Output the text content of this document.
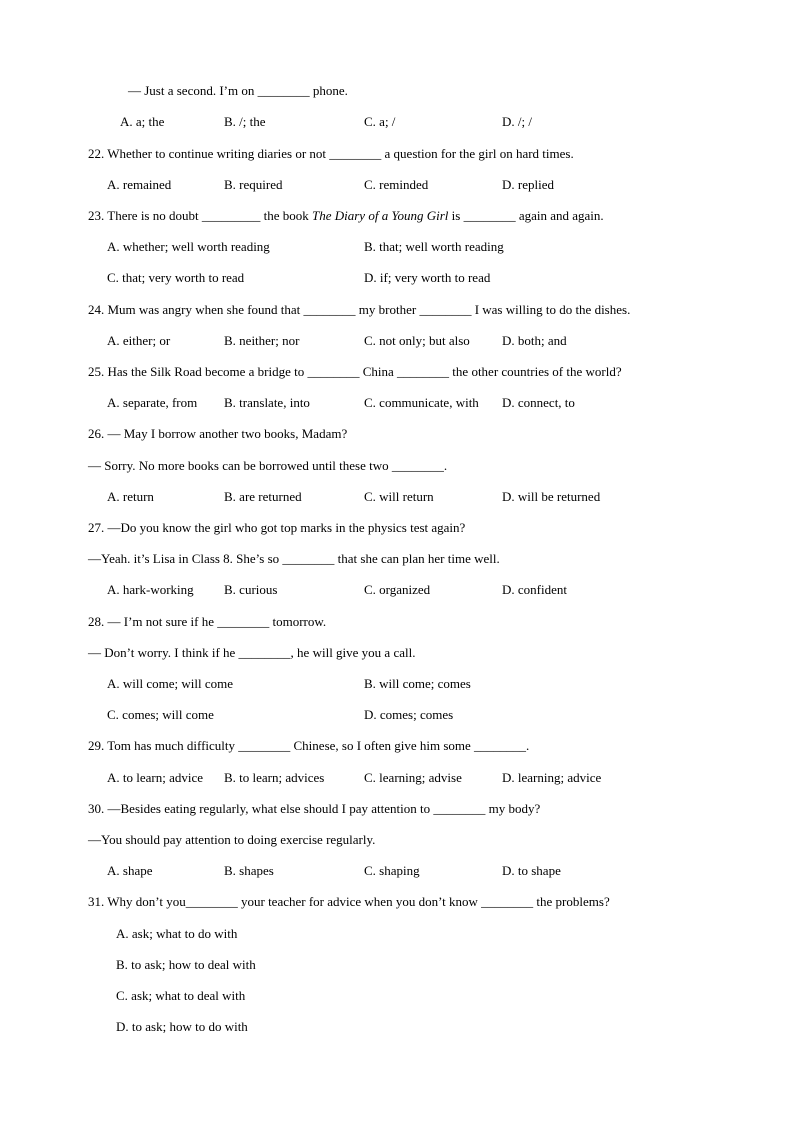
— Just a second. I’m on ________ phone.
A. a; the	B. /; the	C. a; /	D. /; /
22. Whether to continue writing diaries or not ________ a question for the girl on hard times.
A. remained	B. required	C. reminded	D. replied
23. There is no doubt _________ the book The Diary of a Young Girl is ________ again and again.
A. whether; well worth reading	B. that; well worth reading
C. that; very worth to read	D. if; very worth to read
24. Mum was angry when she found that ________ my brother ________ I was willing to do the dishes.
A. either; or	B. neither; nor	C. not only; but also D. both; and
25. Has the Silk Road become a bridge to ________ China ________ the other countries of the world?
A. separate, from B. translate, into	C. communicate, with D. connect, to
26. — May I borrow another two books, Madam?
— Sorry. No more books can be borrowed until these two ________.
A. return	B. are returned	C. will return	D. will be returned
27. —Do you know the girl who got top marks in the physics test again?
—Yeah. it’s Lisa in Class 8. She’s so ________ that she can plan her time well.
A. hark-working B. curious	C. organized	D. confident
28. — I’m not sure if he ________ tomorrow.
— Don’t worry. I think if he ________, he will give you a call.
A. will come; will come	B. will come; comes
C. comes; will come	D. comes; comes
29. Tom has much difficulty ________ Chinese, so I often give him some ________.
A. to learn; advice B. to learn; advices	C. learning; advise	D. learning; advice
30. —Besides eating regularly, what else should I pay attention to ________ my body?
—You should pay attention to doing exercise regularly.
A. shape	B. shapes	C. shaping	D. to shape
31. Why don’t you________ your teacher for advice when you don’t know ________ the problems?
A. ask; what to do with
B. to ask; how to deal with
C. ask; what to deal with
D. to ask; how to do with
